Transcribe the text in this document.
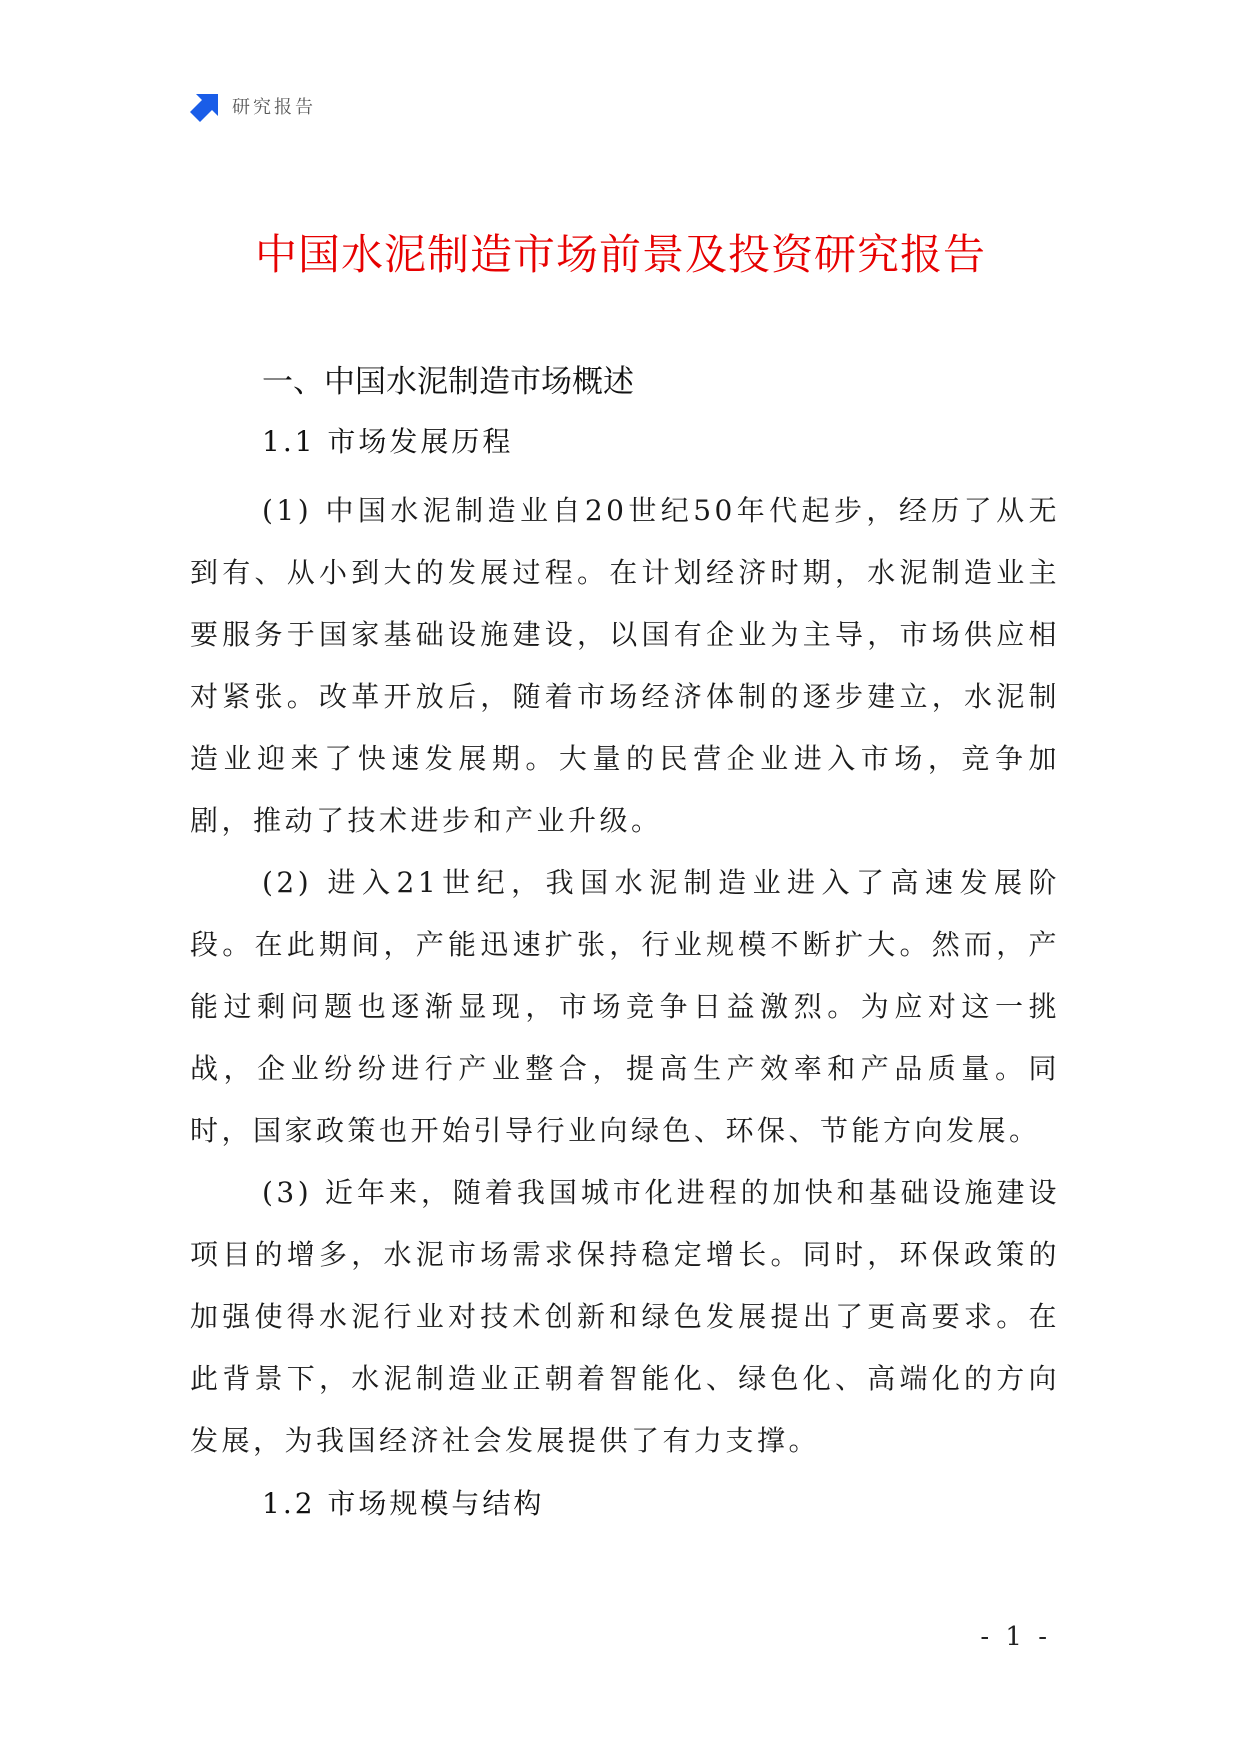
研究报告
中国水泥制造市场前景及投资研究报告
一、中国水泥制造市场概述
1.1 市场发展历程

(1) 中国水泥制造业自20世纪50年代起步，经历了从无到有、从小到大的发展过程。在计划经济时期，水泥制造业主要服务于国家基础设施建设，以国有企业为主导，市场供应相对紧张。改革开放后，随着市场经济体制的逐步建立，水泥制造业迎来了快速发展期。大量的民营企业进入市场，竞争加剧，推动了技术进步和产业升级。

(2) 进入21世纪，我国水泥制造业进入了高速发展阶段。在此期间，产能迅速扩张，行业规模不断扩大。然而，产能过剩问题也逐渐显现，市场竞争日益激烈。为应对这一挑战，企业纷纷进行产业整合，提高生产效率和产品质量。同时，国家政策也开始引导行业向绿色、环保、节能方向发展。

(3) 近年来，随着我国城市化进程的加快和基础设施建设项目的增多，水泥市场需求保持稳定增长。同时，环保政策的加强使得水泥行业对技术创新和绿色发展提出了更高要求。在此背景下，水泥制造业正朝着智能化、绿色化、高端化的方向发展，为我国经济社会发展提供了有力支撑。

1.2 市场规模与结构
- 1 -
